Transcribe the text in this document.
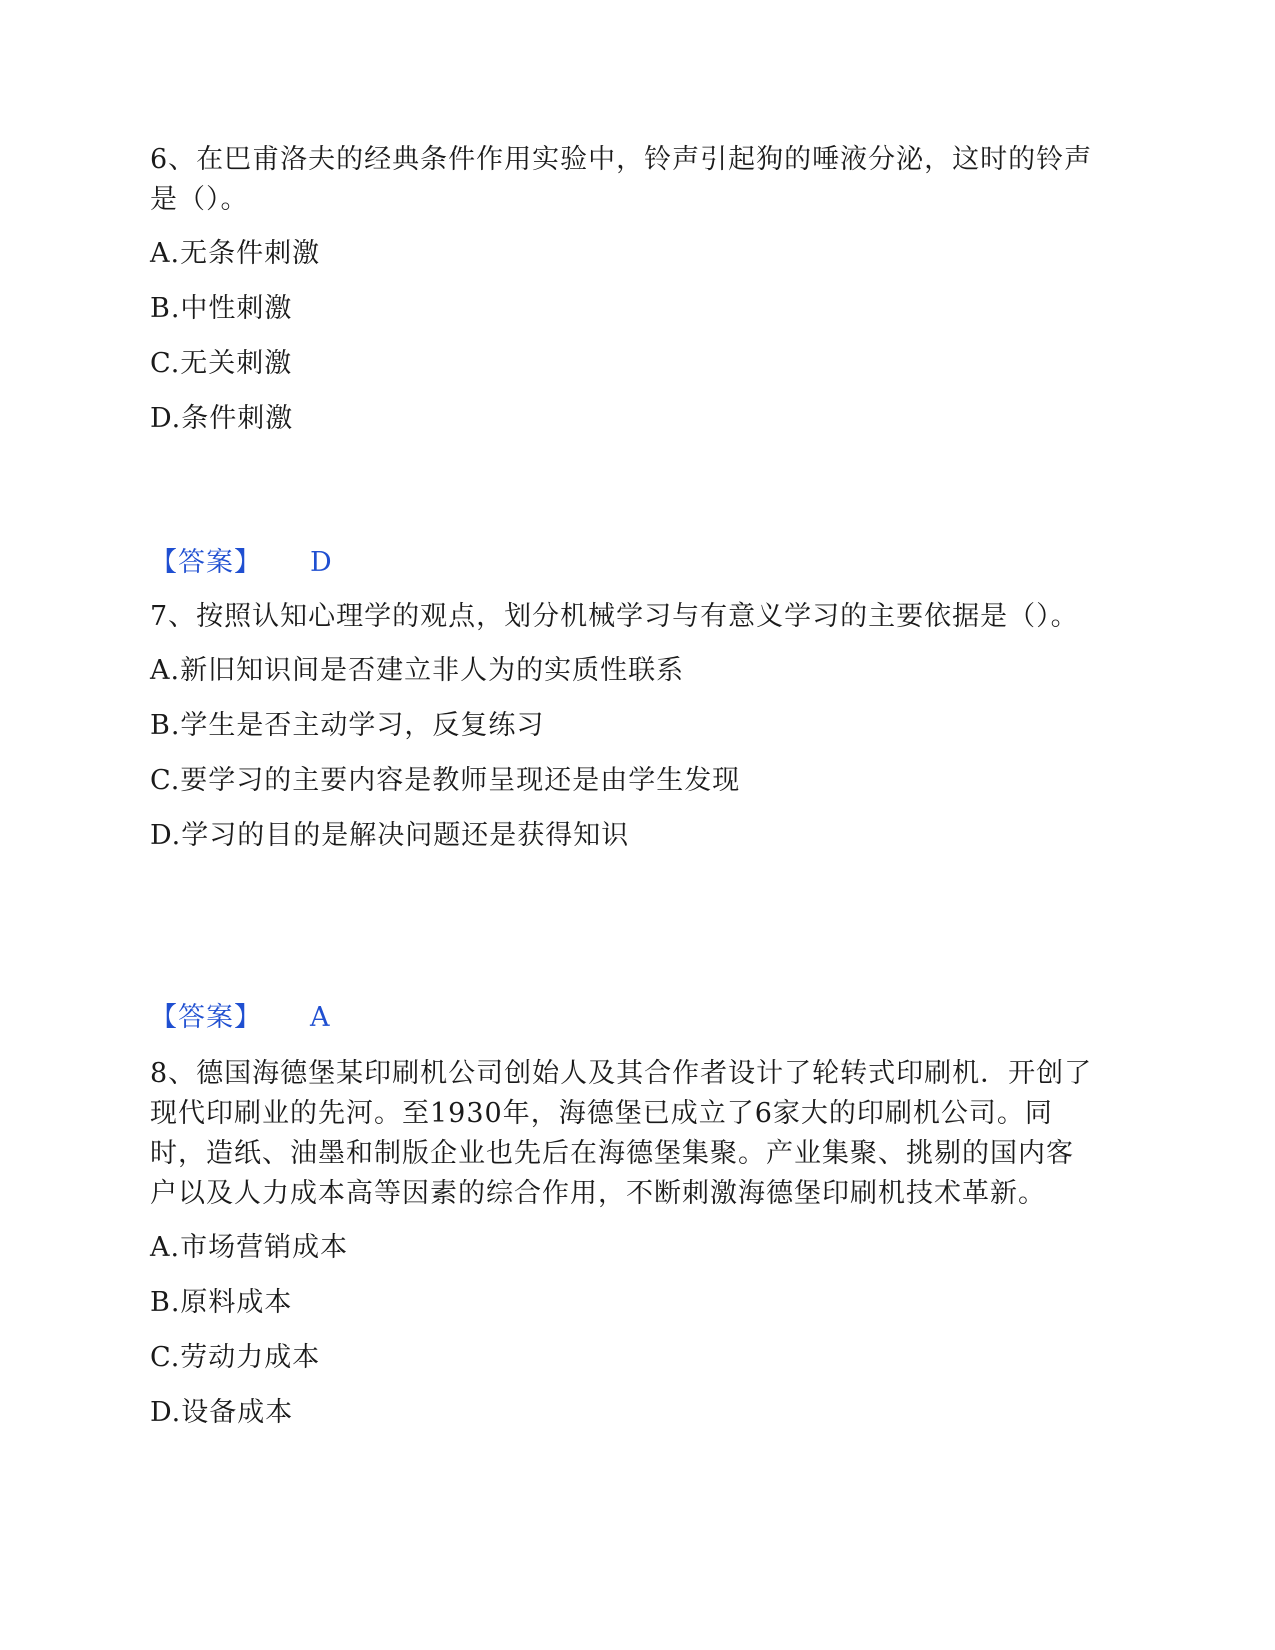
6、在巴甫洛夫的经典条件作用实验中，铃声引起狗的唾液分泌，这时的铃声是（）。

A.无条件刺激

B.中性刺激

C.无关刺激

D.条件刺激

【答案】 D

7、按照认知心理学的观点，划分机械学习与有意义学习的主要依据是（）。

A.新旧知识间是否建立非人为的实质性联系

B.学生是否主动学习，反复练习

C.要学习的主要内容是教师呈现还是由学生发现

D.学习的目的是解决问题还是获得知识

【答案】 A

8、德国海德堡某印刷机公司创始人及其合作者设计了轮转式印刷机．开创了现代印刷业的先河。至1930年，海德堡已成立了6家大的印刷机公司。同时，造纸、油墨和制版企业也先后在海德堡集聚。产业集聚、挑剔的国内客户以及人力成本高等因素的综合作用，不断刺激海德堡印刷机技术革新。

A.市场营销成本

B.原料成本

C.劳动力成本

D.设备成本
